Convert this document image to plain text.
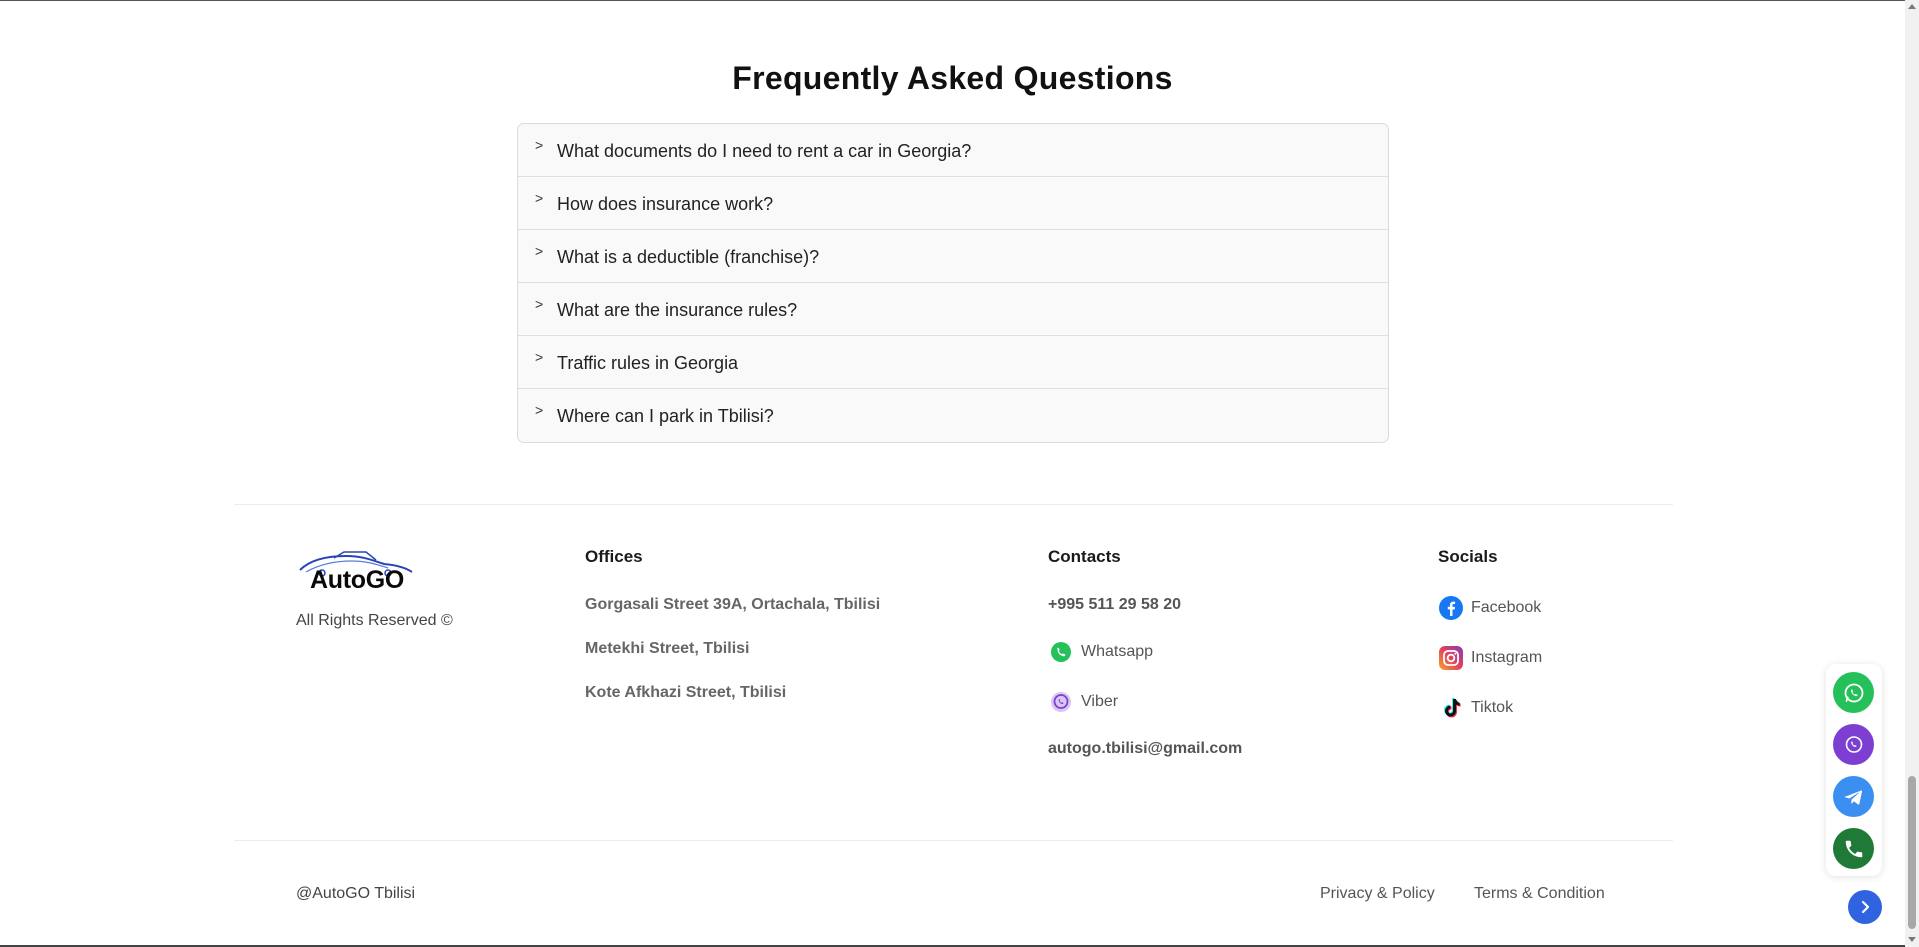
Frequently Asked Questions
> What documents do I need to rent a car in Georgia?
> How does insurance work?
> What is a deductible (franchise)?
> What are the insurance rules?
> Traffic rules in Georgia
> Where can I park in Tbilisi?
AutoGO
All Rights Reserved ©
Offices
Gorgasali Street 39A, Ortachala, Tbilisi
Metekhi Street, Tbilisi
Kote Afkhazi Street, Tbilisi
Contacts
+995 511 29 58 20
Whatsapp
Viber
autogo.tbilisi@gmail.com
Socials
Facebook
Instagram
Tiktok
@AutoGO Tbilisi	Privacy & Policy Terms & Condition
